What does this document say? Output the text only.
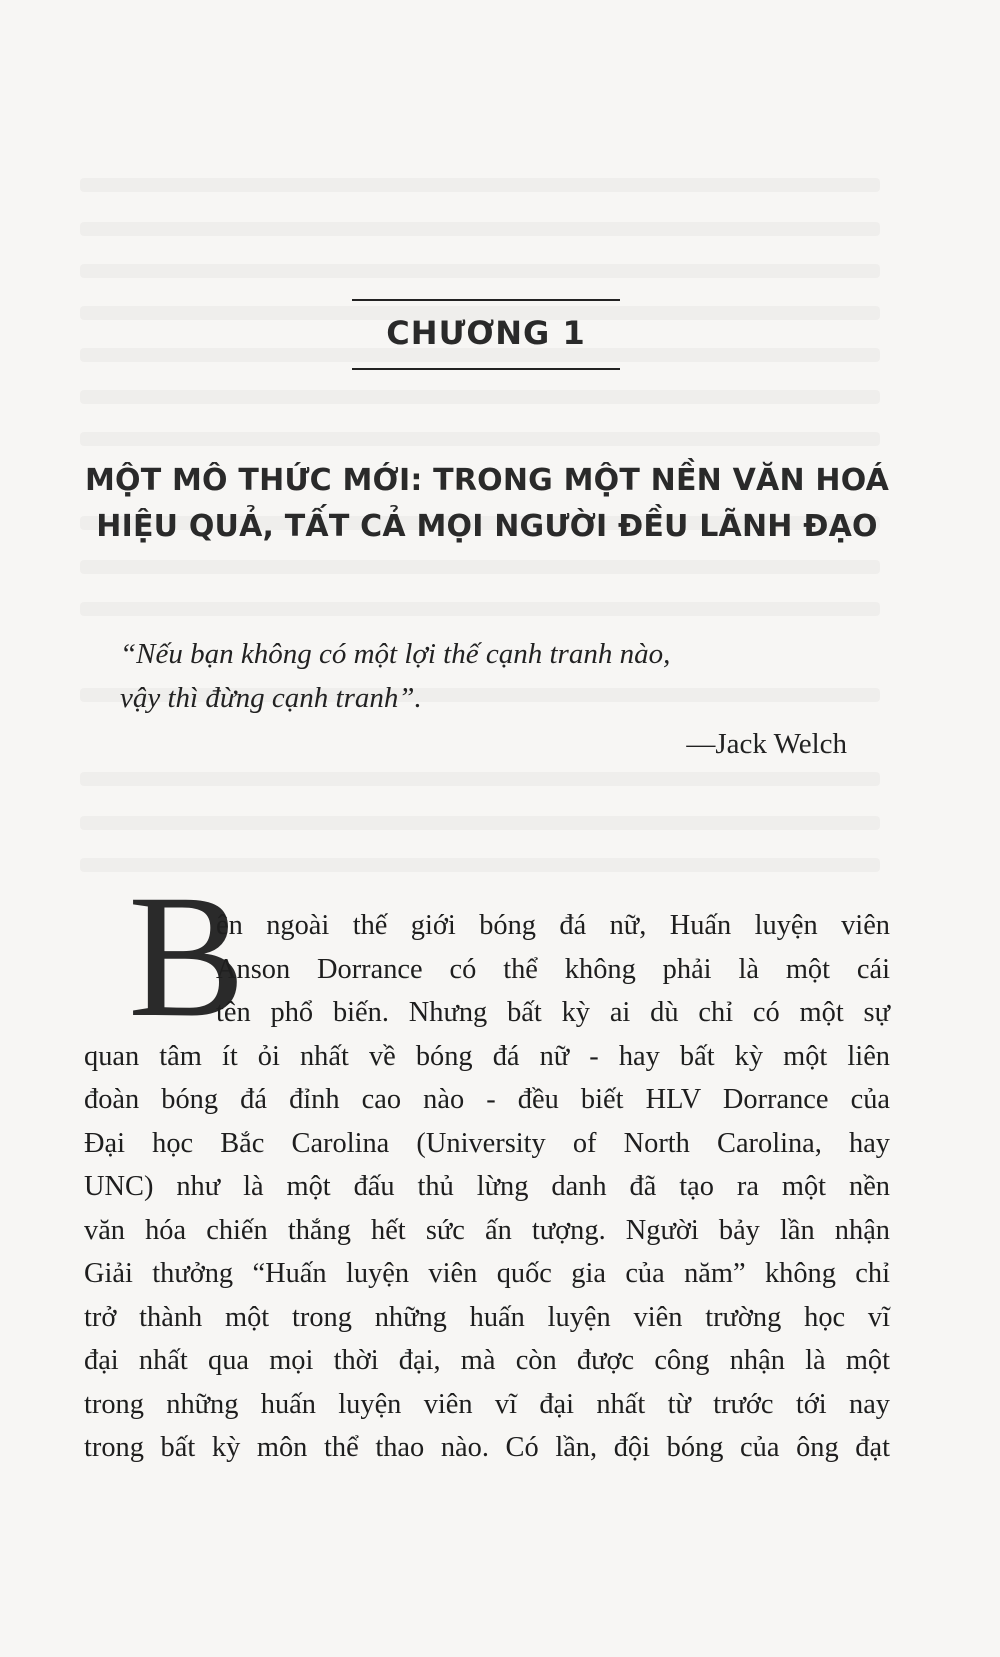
CHƯƠNG 1
MỘT MÔ THỨC MỚI: TRONG MỘT NỀN VĂN HOÁ
HIỆU QUẢ, TẤT CẢ MỌI NGƯỜI ĐỀU LÃNH ĐẠO
“Nếu bạn không có một lợi thế cạnh tranh nào,
vậy thì đừng cạnh tranh”.
—Jack Welch
B
ên ngoài thế giới bóng đá nữ, Huấn luyện viên
Anson Dorrance có thể không phải là một cái
tên phổ biến. Nhưng bất kỳ ai dù chỉ có một sự
quan tâm ít ỏi nhất về bóng đá nữ - hay bất kỳ một liên
đoàn bóng đá đỉnh cao nào - đều biết HLV Dorrance của
Đại học Bắc Carolina (University of North Carolina, hay
UNC) như là một đấu thủ lừng danh đã tạo ra một nền
văn hóa chiến thắng hết sức ấn tượng. Người bảy lần nhận
Giải thưởng “Huấn luyện viên quốc gia của năm” không chỉ
trở thành một trong những huấn luyện viên trường học vĩ
đại nhất qua mọi thời đại, mà còn được công nhận là một
trong những huấn luyện viên vĩ đại nhất từ trước tới nay
trong bất kỳ môn thể thao nào. Có lần, đội bóng của ông đạt
